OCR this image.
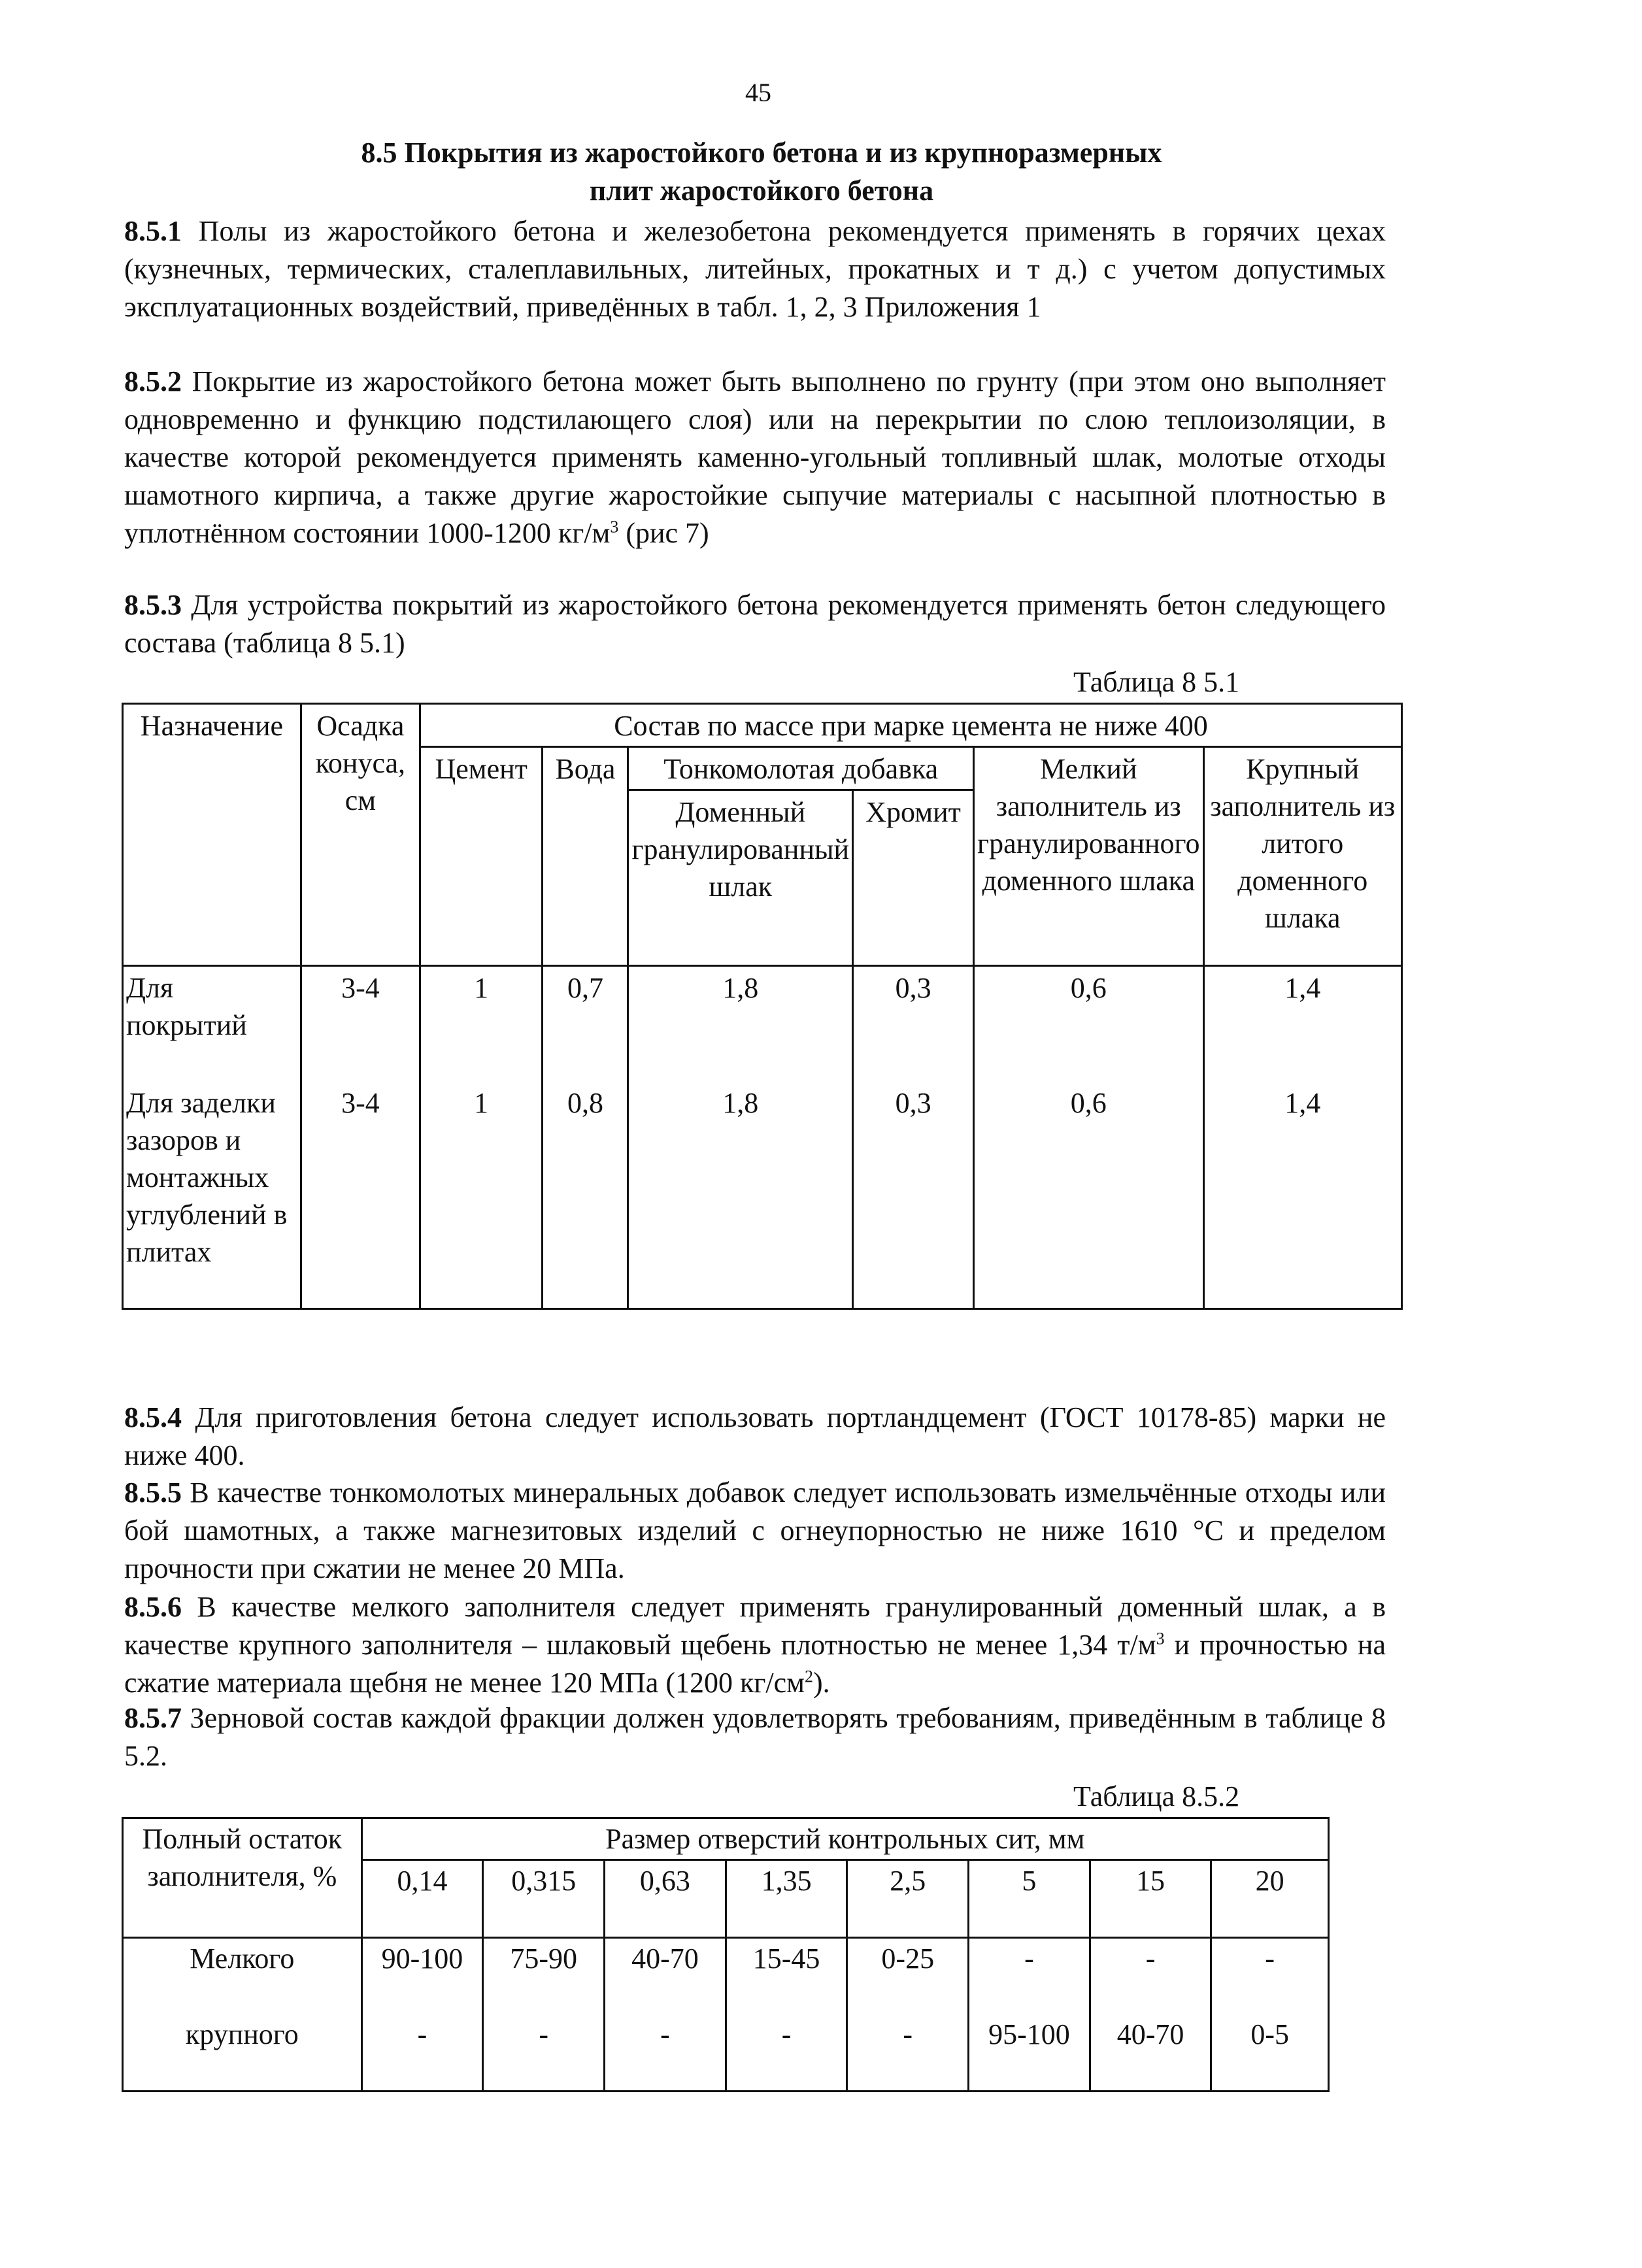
45
8.5 Покрытия из жаростойкого бетона и из крупноразмерных
плит жаростойкого бетона
8.5.1 Полы из жаростойкого бетона и железобетона рекомендуется применять в горячих цехах (кузнечных, термических, сталеплавильных, литейных, прокатных и т д.) с учетом допустимых эксплуатационных воздействий, приведённых в табл. 1, 2, 3 Приложения 1
8.5.2 Покрытие из жаростойкого бетона может быть выполнено по грунту (при этом оно выполняет одновременно и функцию подстилающего слоя) или на перекрытии по слою теплоизоляции, в качестве которой рекомендуется применять каменно-угольный топливный шлак, молотые отходы шамотного кирпича, а также другие жаростойкие сыпучие материалы с насыпной плотностью в уплотнённом состоянии 1000-1200 $кг/м^3$ (рис 7)
8.5.3 Для устройства покрытий из жаростойкого бетона рекомендуется применять бетон следующего состава (таблица 8 5.1)
Таблица 8 5.1
Назначение	Осадка конуса, см	Состав по массе при марке цемента не ниже 400					
		Цемент	Вода	Тонкомолотая добавка		Мелкий заполнитель из гранулированного доменного шлака	Крупный заполнитель из литого доменного шлака
				Доменный гранулированный шлак	Хромит		
Для покрытий	3-4	1	0,7	1,8	0,3	0,6	1,4
Для заделки зазоров и монтажных углублений в плитах	3-4	1	0,8	1,8	0,3	0,6	1,4
8.5.4 Для приготовления бетона следует использовать портландцемент (ГОСТ 10178-85) марки не ниже 400.
8.5.5 В качестве тонкомолотых минеральных добавок следует использовать измельчённые отходы или бой шамотных, а также магнезитовых изделий с огнеупорностью не ниже 1610 °С и пределом прочности при сжатии не менее 20 МПа.
8.5.6 В качестве мелкого заполнителя следует применять гранулированный доменный шлак, а в качестве крупного заполнителя – шлаковый щебень плотностью не менее 1,34 $т/м^3$ и прочностью на сжатие материала щебня не менее 120 МПа (1200 $кг/см^2$).
8.5.7 Зерновой состав каждой фракции должен удовлетворять требованиям, приведённым в таблице 8 5.2.
Таблица 8.5.2
Полный остаток заполнителя, %	Размер отверстий контрольных сит, мм							
	0,14	0,315	0,63	1,35	2,5	5	15	20
Мелкого	90-100	75-90	40-70	15-45	0-25	-	-	-
крупного	-	-	-	-	-	95-100	40-70	0-5
